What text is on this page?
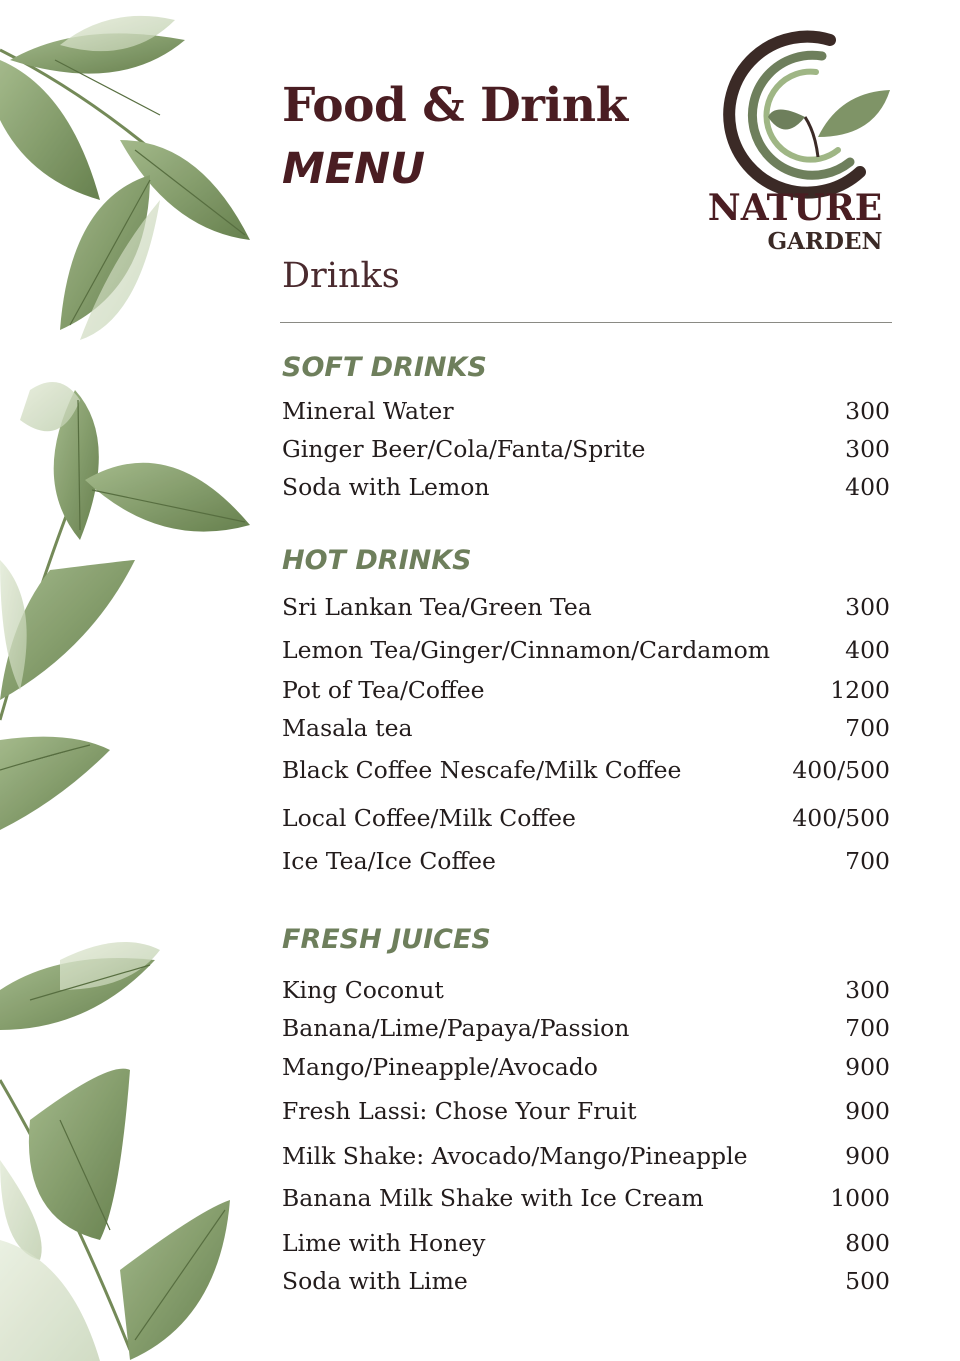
Food & Drink
MENU
NATURE
GARDEN
Drinks
SOFT DRINKS
Mineral Water	300
Ginger Beer/Cola/Fanta/Sprite	300
Soda with Lemon	400
HOT DRINKS
Sri Lankan Tea/Green Tea	300
Lemon Tea/Ginger/Cinnamon/Cardamom	400
Pot of Tea/Coffee	1200
Masala tea	700
Black Coffee Nescafe/Milk Coffee	400/500
Local Coffee/Milk Coffee	400/500
Ice Tea/Ice Coffee	700
FRESH JUICES
King Coconut	300
Banana/Lime/Papaya/Passion	700
Mango/Pineapple/Avocado	900
Fresh Lassi: Chose Your Fruit	900
Milk Shake: Avocado/Mango/Pineapple	900
Banana Milk Shake with Ice Cream	1000
Lime with Honey	800
Soda with Lime	500
